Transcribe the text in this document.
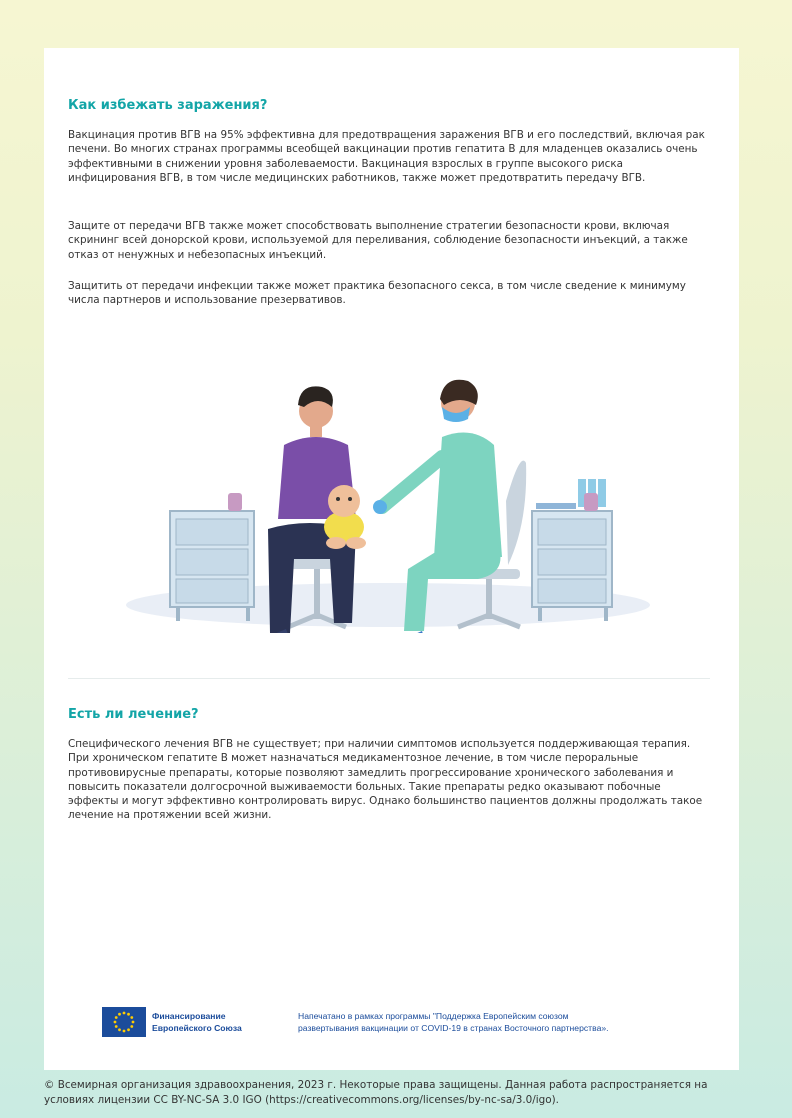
Как избежать заражения?

Вакцинация против ВГВ на 95% эффективна для предотвращения заражения ВГВ и его последствий, включая рак печени. Во многих странах программы всеобщей вакцинации против гепатита В для младенцев оказались очень эффективными в снижении уровня заболеваемости. Вакцинация взрослых в группе высокого риска инфицирования ВГВ, в том числе медицинских работников, также может предотвратить передачу ВГВ.

Защите от передачи ВГВ также может способствовать выполнение стратегии безопасности крови, включая скрининг всей донорской крови, используемой для переливания, соблюдение безопасности инъекций, а также отказ от ненужных и небезопасных инъекций.

Защитить от передачи инфекции также может практика безопасного секса, в том числе сведение к минимуму числа партнеров и использование презервативов.

Есть ли лечение?

Специфического лечения ВГВ не существует; при наличии симптомов используется поддерживающая терапия. При хроническом гепатите В может назначаться медикаментозное лечение, в том числе пероральные противовирусные препараты, которые позволяют замедлить прогрессирование хронического заболевания и повысить показатели долгосрочной выживаемости больных. Такие препараты редко оказывают побочные эффекты и могут эффективно контролировать вирус. Однако большинство пациентов должны продолжать такое лечение на протяжении всей жизни.

Финансирование
Европейского Союза
Напечатано в рамках программы "Поддержка Европейским союзом
развертывания вакцинации от COVID-19 в странах Восточного партнерства».
© Всемирная организация здравоохранения, 2023 г. Некоторые права защищены. Данная работа распространяется на
условиях лицензии CC BY-NC-SA 3.0 IGO (https://creativecommons.org/licenses/by-nc-sa/3.0/igo).
